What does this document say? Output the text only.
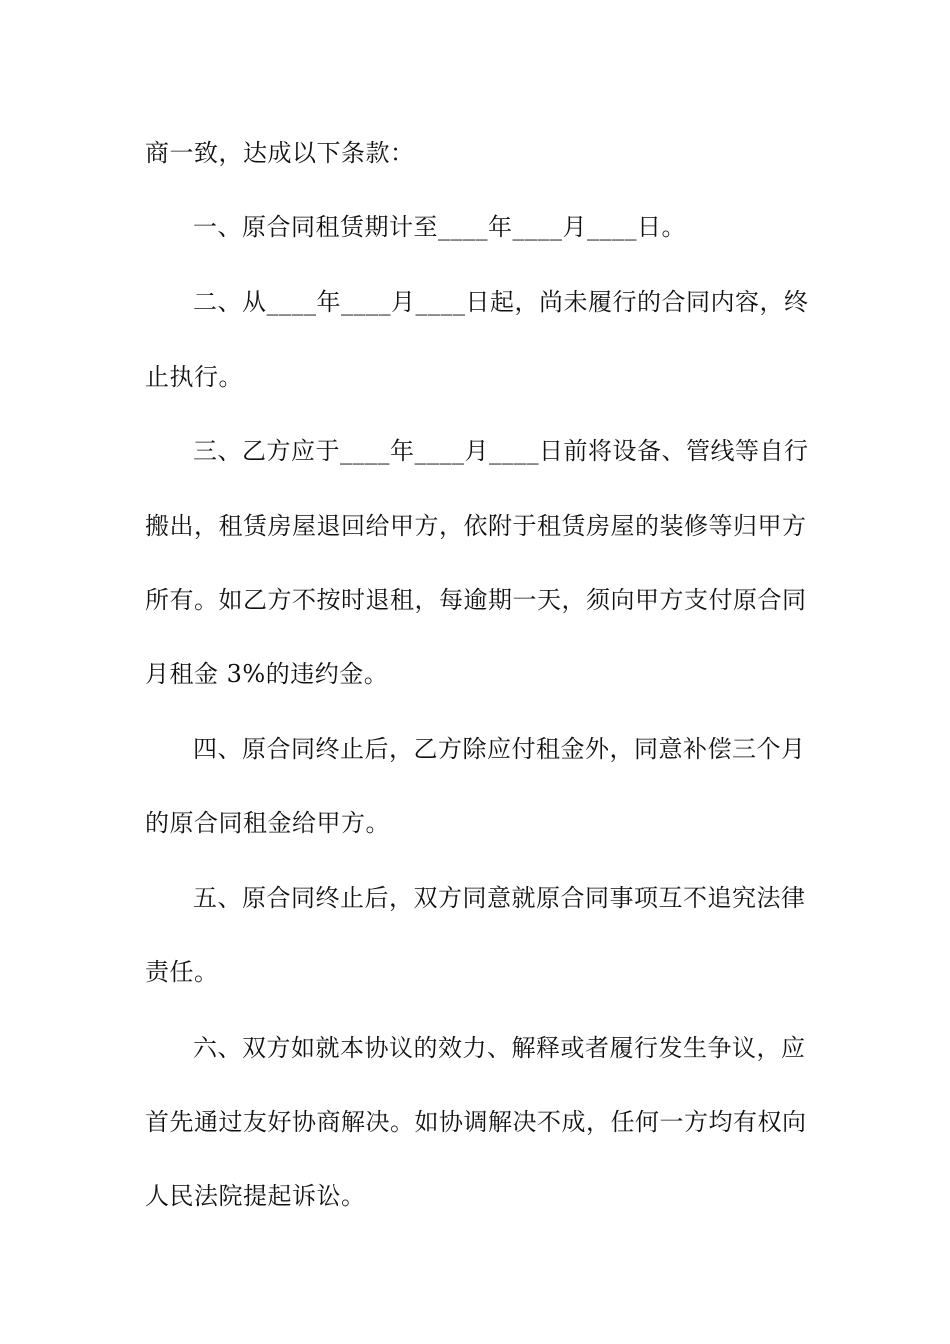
商一致，达成以下条款：
一、原合同租赁期计至____年____月____日。
二、从____年____月____日起，尚未履行的合同内容，终
止执行。
三、乙方应于____年____月____日前将设备、管线等自行
搬出，租赁房屋退回给甲方，依附于租赁房屋的装修等归甲方
所有。如乙方不按时退租，每逾期一天，须向甲方支付原合同
月租金 3%的违约金。
四、原合同终止后，乙方除应付租金外，同意补偿三个月
的原合同租金给甲方。
五、原合同终止后，双方同意就原合同事项互不追究法律
责任。
六、双方如就本协议的效力、解释或者履行发生争议，应
首先通过友好协商解决。如协调解决不成，任何一方均有权向
人民法院提起诉讼。
